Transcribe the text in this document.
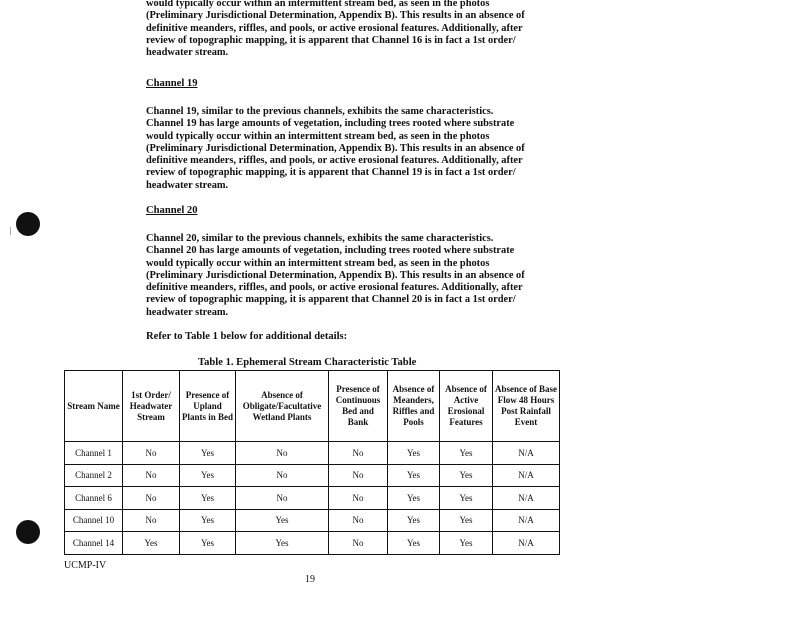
|

would typically occur within an intermittent stream bed, as seen in the photos

(Preliminary Jurisdictional Determination, Appendix B). This results in an absence of

definitive meanders, riffles, and pools, or active erosional features. Additionally, after

review of topographic mapping, it is apparent that Channel 16 is in fact a 1st order/

headwater stream.

Channel 19

Channel 19, similar to the previous channels, exhibits the same characteristics.

Channel 19 has large amounts of vegetation, including trees rooted where substrate

would typically occur within an intermittent stream bed, as seen in the photos

(Preliminary Jurisdictional Determination, Appendix B). This results in an absence of

definitive meanders, riffles, and pools, or active erosional features. Additionally, after

review of topographic mapping, it is apparent that Channel 19 is in fact a 1st order/

headwater stream.

Channel 20

Channel 20, similar to the previous channels, exhibits the same characteristics.

Channel 20 has large amounts of vegetation, including trees rooted where substrate

would typically occur within an intermittent stream bed, as seen in the photos

(Preliminary Jurisdictional Determination, Appendix B). This results in an absence of

definitive meanders, riffles, and pools, or active erosional features. Additionally, after

review of topographic mapping, it is apparent that Channel 20 is in fact a 1st order/

headwater stream.

Refer to Table 1 below for additional details:
Table 1. Ephemeral Stream Characteristic Table
Stream Name	1st Order/ Headwater Stream	Presence of Upland Plants in Bed	Absence of Obligate/Facultative Wetland Plants	Presence of Continuous Bed and Bank	Absence of Meanders, Riffles and Pools	Absence of Active Erosional Features	Absence of Base Flow 48 Hours Post Rainfall Event
Channel 1	No	Yes	No	No	Yes	Yes	N/A
Channel 2	No	Yes	No	No	Yes	Yes	N/A
Channel 6	No	Yes	No	No	Yes	Yes	N/A
Channel 10	No	Yes	Yes	No	Yes	Yes	N/A
Channel 14	Yes	Yes	Yes	No	Yes	Yes	N/A
UCMP-IV
19
